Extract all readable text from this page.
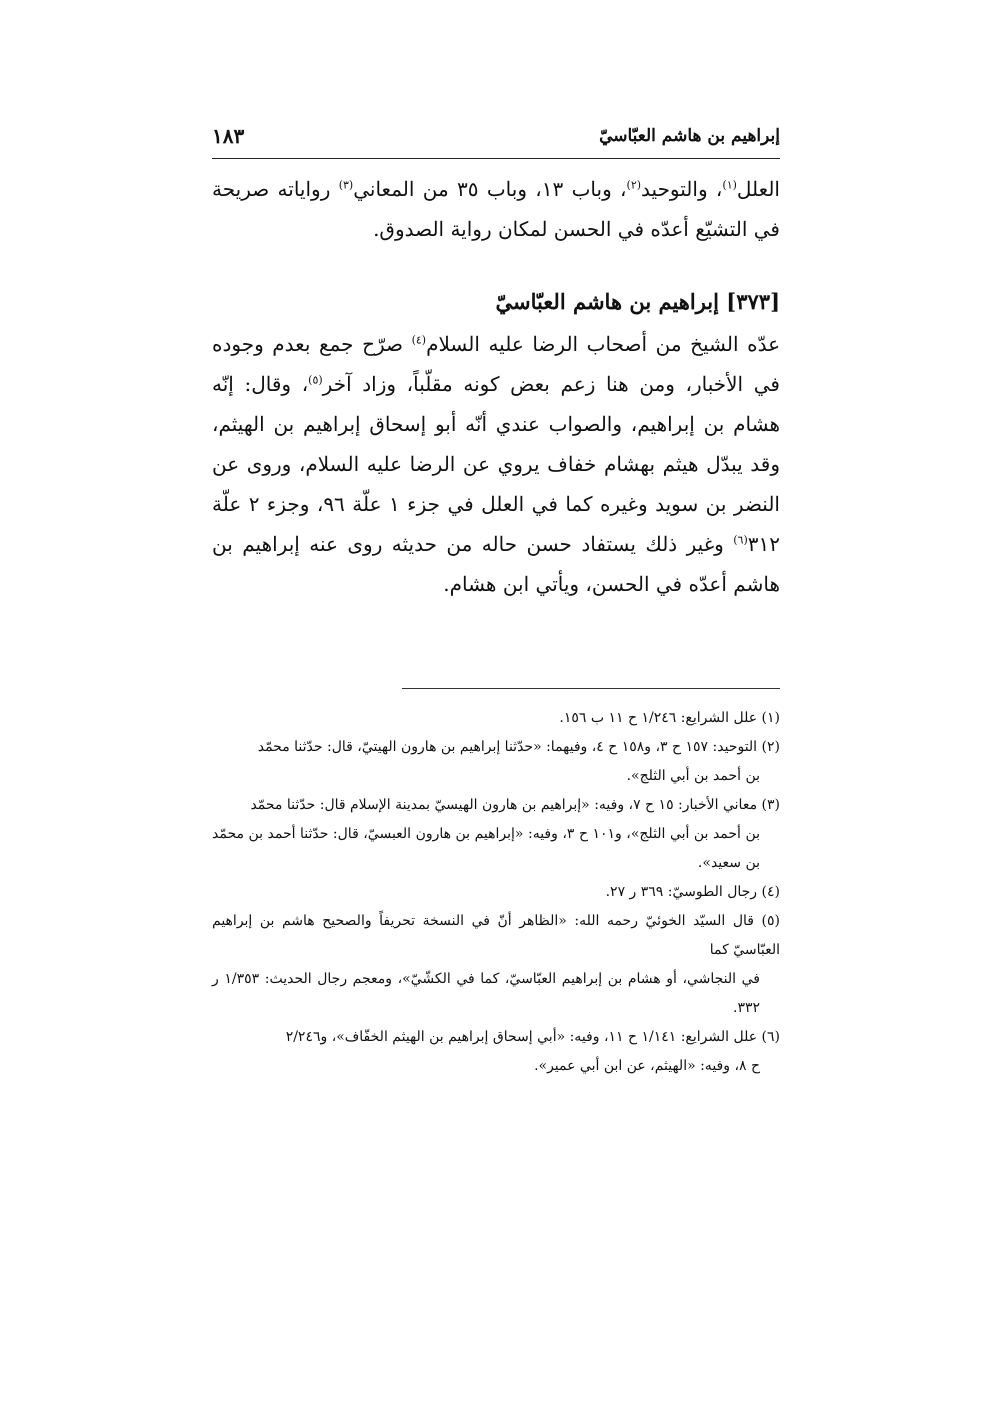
إبراهيم بن هاشم العبّاسيّ
١٨٣

العلل$^{(١)}$، والتوحيد$^{(٢)}$، وباب ١٣، وباب ٣٥ من المعاني$^{(٣)}$ رواياته صريحة في التشيّع أعدّه في الحسن لمكان رواية الصدوق.

[٣٧٣] إبراهيم بن هاشم العبّاسيّ

عدّه الشيخ من أصحاب الرضا عليه السلام$^{(٤)}$ صرّح جمع بعدم وجوده في الأخبار، ومن هنا زعم بعض كونه مقلّباً، وزاد آخر$^{(٥)}$، وقال: إنّه هشام بن إبراهيم، والصواب عندي أنّه أبو إسحاق إبراهيم بن الهيثم، وقد يبدّل هيثم بهشام خفاف يروي عن الرضا عليه السلام، وروى عن النضر بن سويد وغيره كما في العلل في جزء ١ علّة ٩٦، وجزء ٢ علّة ٣١٢$^{(٦)}$ وغير ذلك يستفاد حسن حاله من حديثه روى عنه إبراهيم بن هاشم أعدّه في الحسن، ويأتي ابن هشام.

(١) علل الشرايع: ١/٢٤٦ ح ١١ ب ١٥٦.
(٢) التوحيد: ١٥٧ ح ٣، و١٥٨ ح ٤، وفيهما: «حدّثنا إبراهيم بن هارون الهيتيّ، قال: حدّثنا محمّد
بن أحمد بن أبي الثلج».
(٣) معاني الأخبار: ١٥ ح ٧، وفيه: «إبراهيم بن هارون الهيسيّ بمدينة الإسلام قال: حدّثنا محمّد
بن أحمد بن أبي الثلج»، و١٠١ ح ٣، وفيه: «إبراهيم بن هارون العبسيّ، قال: حدّثنا أحمد بن محمّد بن سعيد».
(٤) رجال الطوسيّ: ٣٦٩ ر ٢٧.
(٥) قال السيّد الخوئيّ رحمه الله: «الظاهر أنّ في النسخة تحريفاً والصحيح هاشم بن إبراهيم العبّاسيّ كما
في النجاشي، أو هشام بن إبراهيم العبّاسيّ، كما في الكشّيّ»، ومعجم رجال الحديث: ١/٣٥٣ ر ٣٣٢.
(٦) علل الشرايع: ١/١٤١ ح ١١، وفيه: «أبي إسحاق إبراهيم بن الهيثم الخفّاف»، و٢/٢٤٦
ح ٨، وفيه: «الهيثم، عن ابن أبي عمير».
